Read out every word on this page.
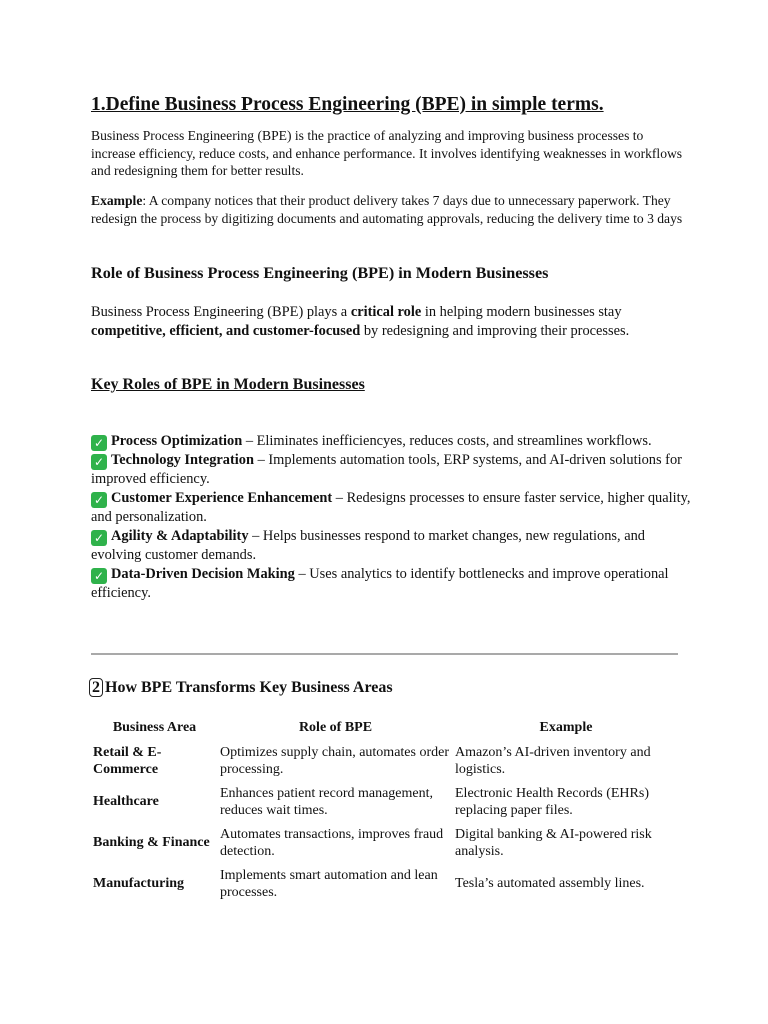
1.Define Business Process Engineering (BPE) in simple terms.

Business Process Engineering (BPE) is the practice of analyzing and improving business processes to increase efficiency, reduce costs, and enhance performance. It involves identifying weaknesses in workflows and redesigning them for better results.

Example: A company notices that their product delivery takes 7 days due to unnecessary paperwork. They redesign the process by digitizing documents and automating approvals, reducing the delivery time to 3 days

Role of Business Process Engineering (BPE) in Modern Businesses

Business Process Engineering (BPE) plays a critical role in helping modern businesses stay competitive, efficient, and customer-focused by redesigning and improving their processes.

Key Roles of BPE in Modern Businesses
✓ Process Optimization – Eliminates inefficiencyes, reduces costs, and streamlines workflows.
✓ Technology Integration – Implements automation tools, ERP systems, and AI-driven solutions for improved efficiency.
✓ Customer Experience Enhancement – Redesigns processes to ensure faster service, higher quality, and personalization.
✓ Agility & Adaptability – Helps businesses respond to market changes, new regulations, and evolving customer demands.
✓ Data-Driven Decision Making – Uses analytics to identify bottlenecks and improve operational efficiency.
2 How BPE Transforms Key Business Areas
Business Area	Role of BPE	Example
Retail & E-Commerce	Optimizes supply chain, automates order processing.	Amazon’s AI-driven inventory and logistics.
Healthcare	Enhances patient record management, reduces wait times.	Electronic Health Records (EHRs) replacing paper files.
Banking & Finance	Automates transactions, improves fraud detection.	Digital banking & AI-powered risk analysis.
Manufacturing	Implements smart automation and lean processes.	Tesla’s automated assembly lines.
